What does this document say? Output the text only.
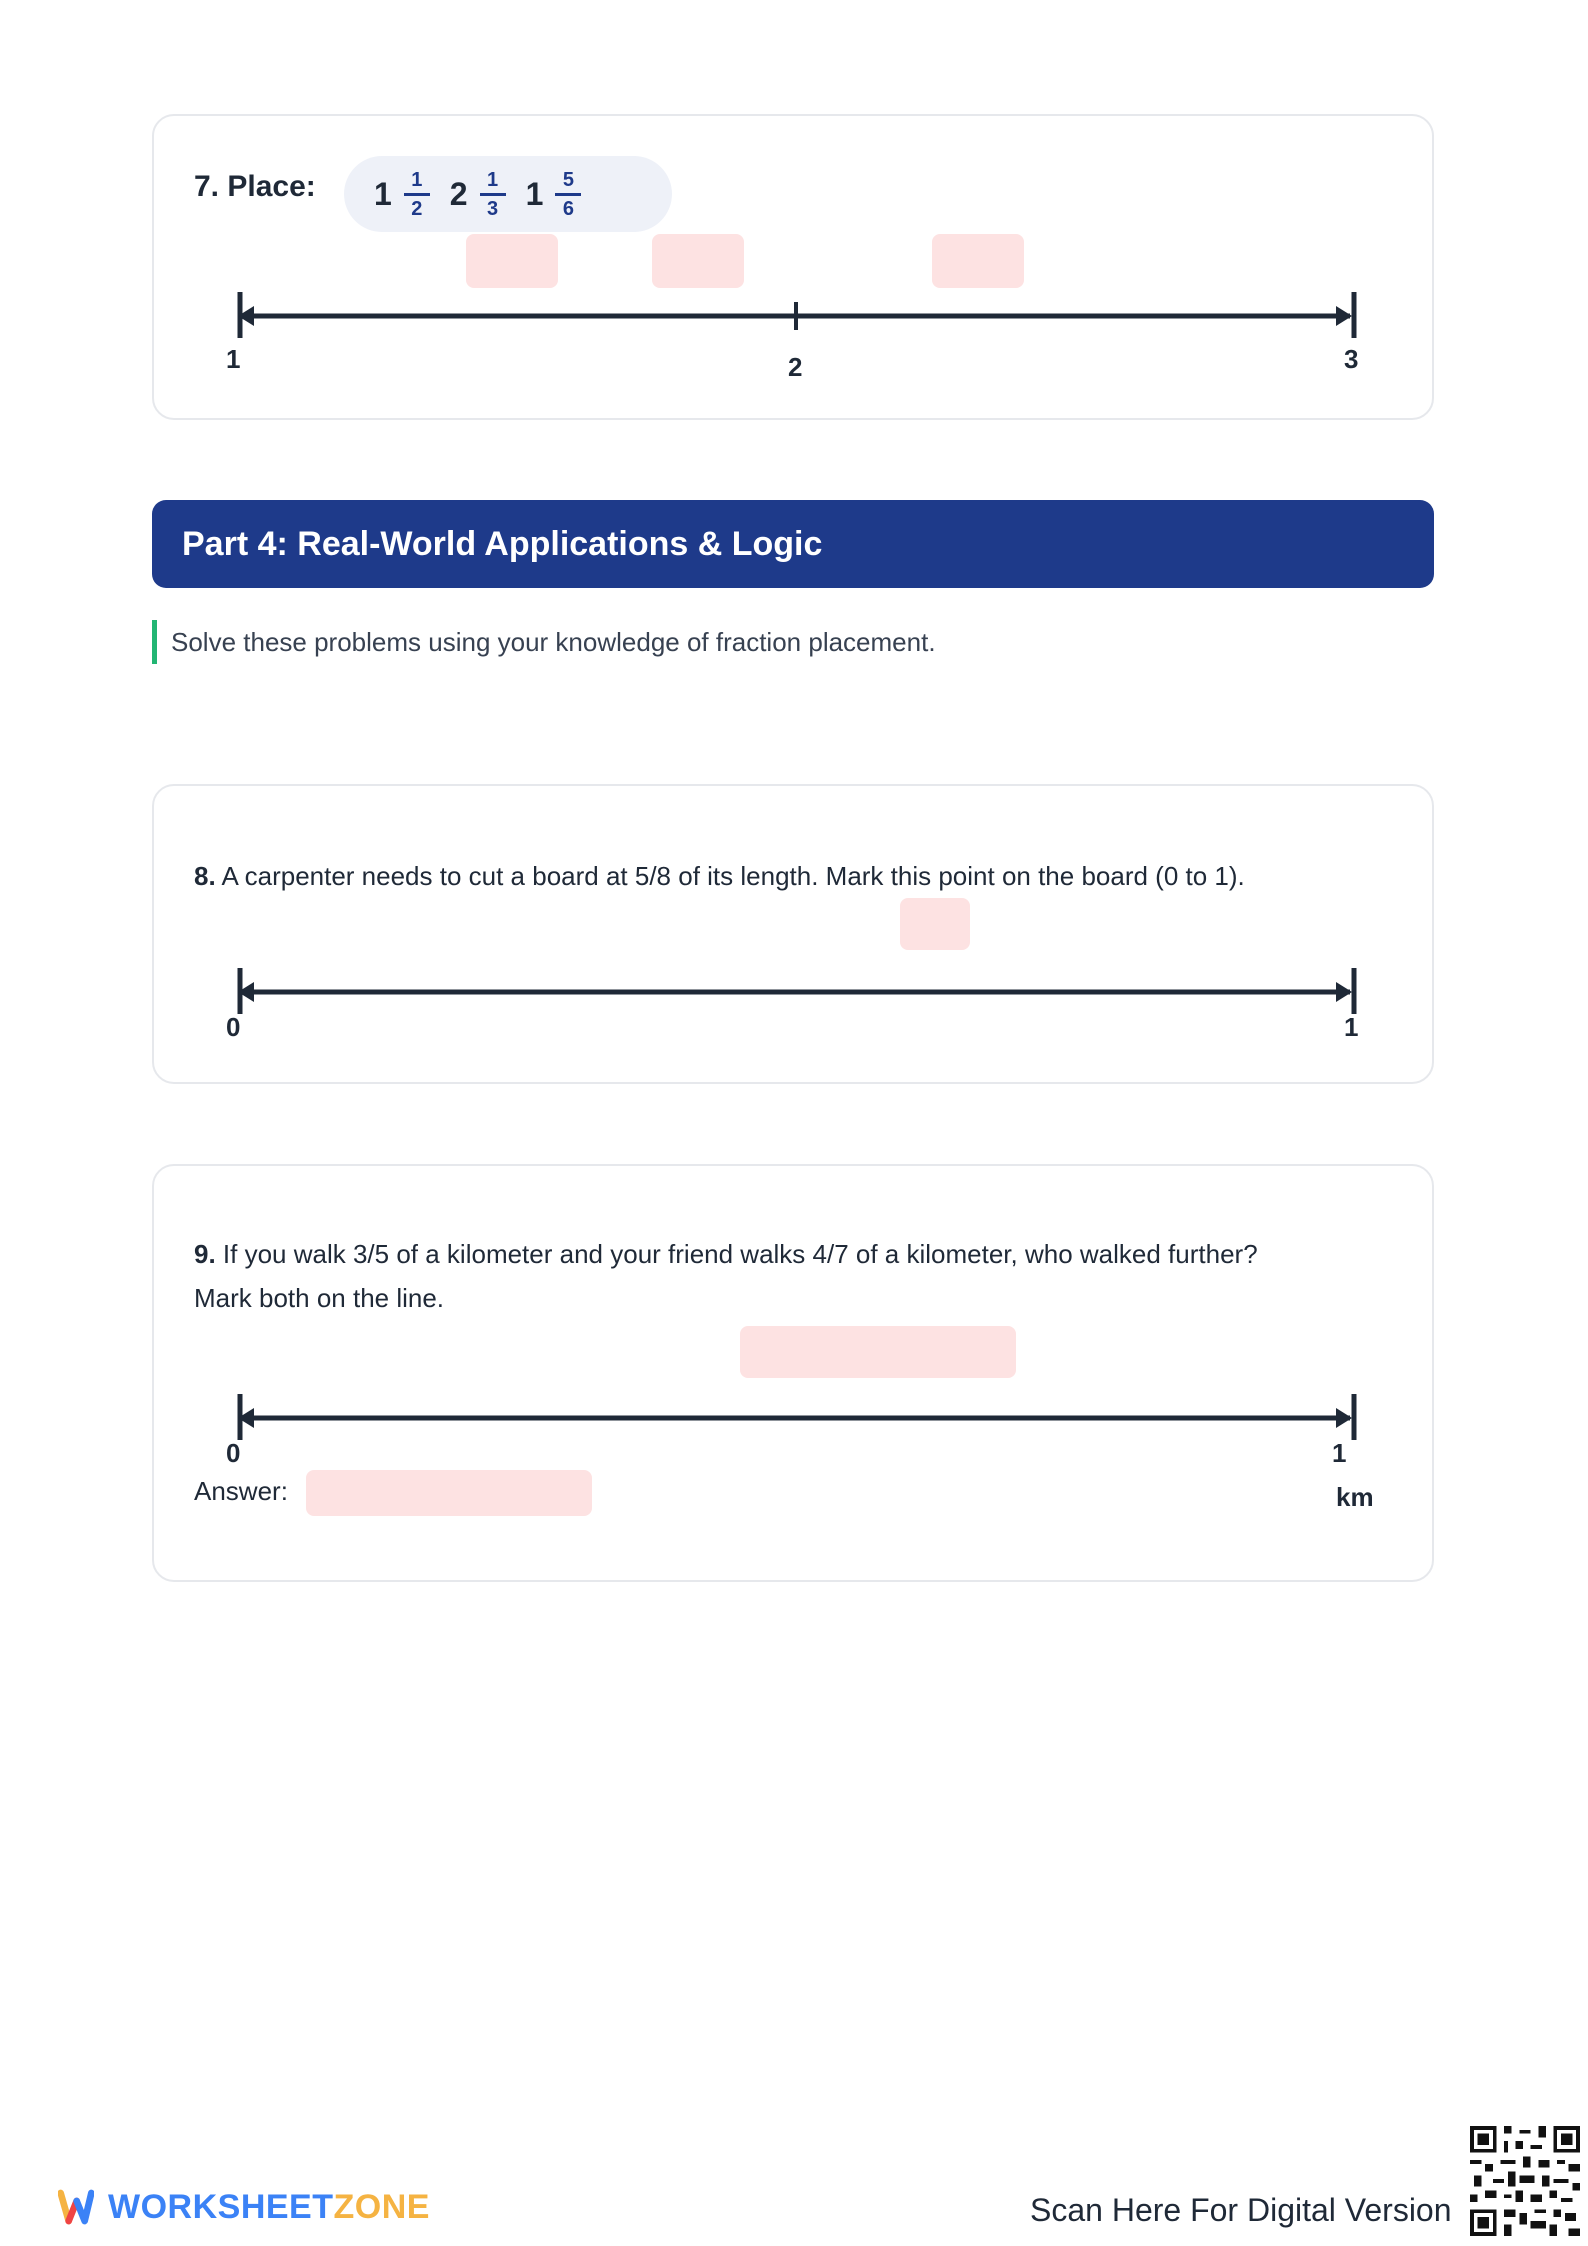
7. Place: $1 \frac{1}{2} 2 \frac{1}{3} 1 \frac{5}{6}$
1	2	3
Part 4: Real-World Applications & Logic
Solve these problems using your knowledge of fraction placement.
8. A carpenter needs to cut a board at 5/8 of its length. Mark this point on the board (0 to 1).
0	1
9. If you walk 3/5 of a kilometer and your friend walks 4/7 of a kilometer, who walked further?
Mark both on the line.
0	1
km
Answer:
WORKSHEETZONE	Scan Here For Digital Version
